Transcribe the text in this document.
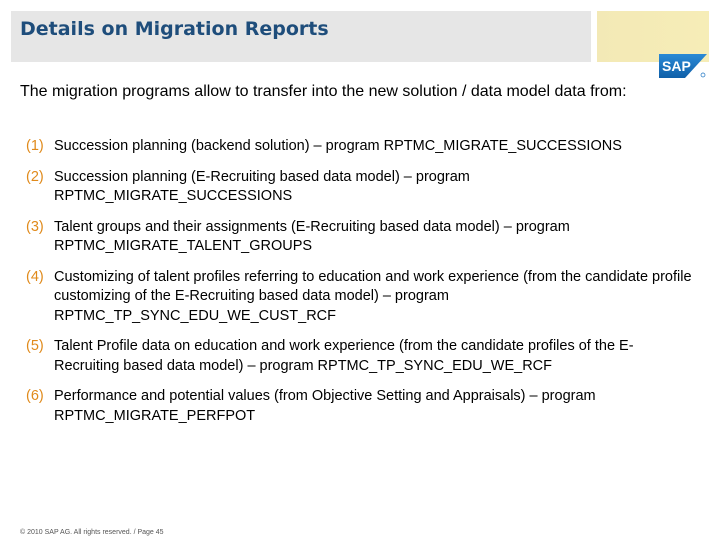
Details on Migration Reports
SAP
The migration programs allow to transfer into the new solution / data model data from:
(1) Succession planning (backend solution) – program RPTMC_MIGRATE_SUCCESSIONS
(2) Succession planning (E-Recruiting based data model) – program RPTMC_MIGRATE_SUCCESSIONS
(3) Talent groups and their assignments (E-Recruiting based data model) – program RPTMC_MIGRATE_TALENT_GROUPS
(4) Customizing of talent profiles referring to education and work experience (from the candidate profile customizing of the E-Recruiting based data model) – program RPTMC_TP_SYNC_EDU_WE_CUST_RCF
(5) Talent Profile data on education and work experience (from the candidate profiles of the E-Recruiting based data model) – program RPTMC_TP_SYNC_EDU_WE_RCF
(6) Performance and potential values (from Objective Setting and Appraisals) – program RPTMC_MIGRATE_PERFPOT
© 2010 SAP AG. All rights reserved. / Page 45
